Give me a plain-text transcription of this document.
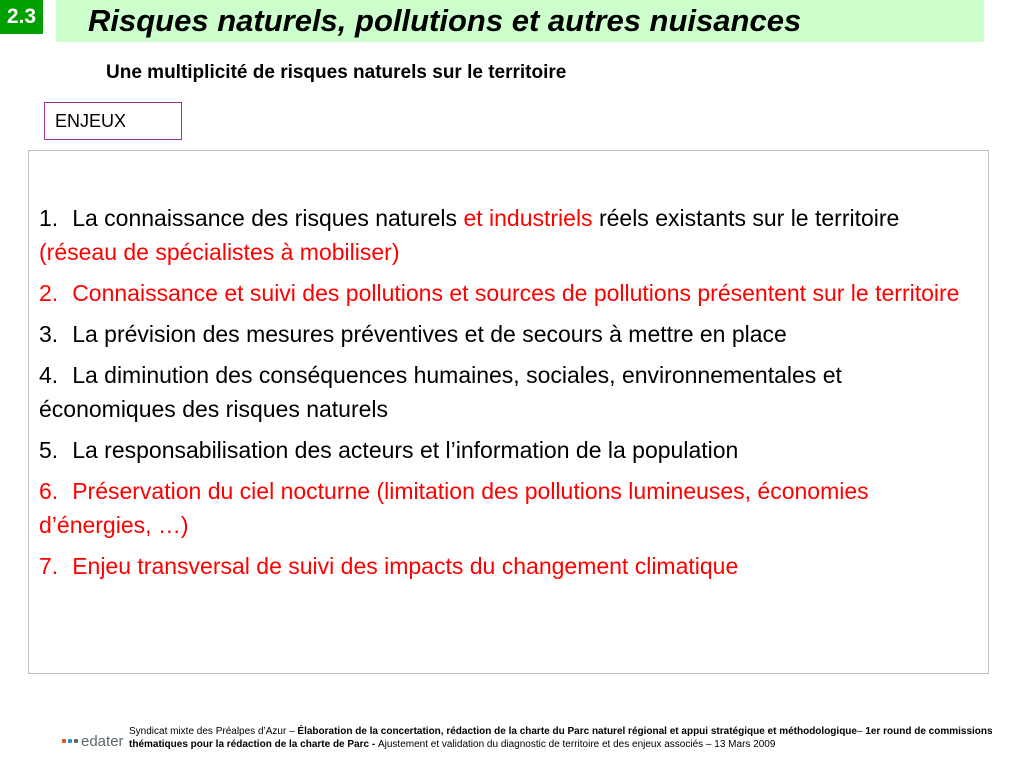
2.3 Risques naturels, pollutions et autres nuisances
Une multiplicité de risques naturels sur le territoire
ENJEUX

1. La connaissance des risques naturels et industriels réels existants sur le territoire (réseau de spécialistes à mobiliser)

2. Connaissance et suivi des pollutions et sources de pollutions présentent sur le territoire

3. La prévision des mesures préventives et de secours à mettre en place

4. La diminution des conséquences humaines, sociales, environnementales et économiques des risques naturels

5. La responsabilisation des acteurs et l’information de la population

6. Préservation du ciel nocturne (limitation des pollutions lumineuses, économies d’énergies, …)

7. Enjeu transversal de suivi des impacts du changement climatique

edater
Syndicat mixte des Préalpes d’Azur – Élaboration de la concertation, rédaction de la charte du Parc naturel régional et appui stratégique et méthodologique– 1er round de commissions thématiques pour la rédaction de la charte de Parc - Ajustement et validation du diagnostic de territoire et des enjeux associés – 13 Mars 2009
